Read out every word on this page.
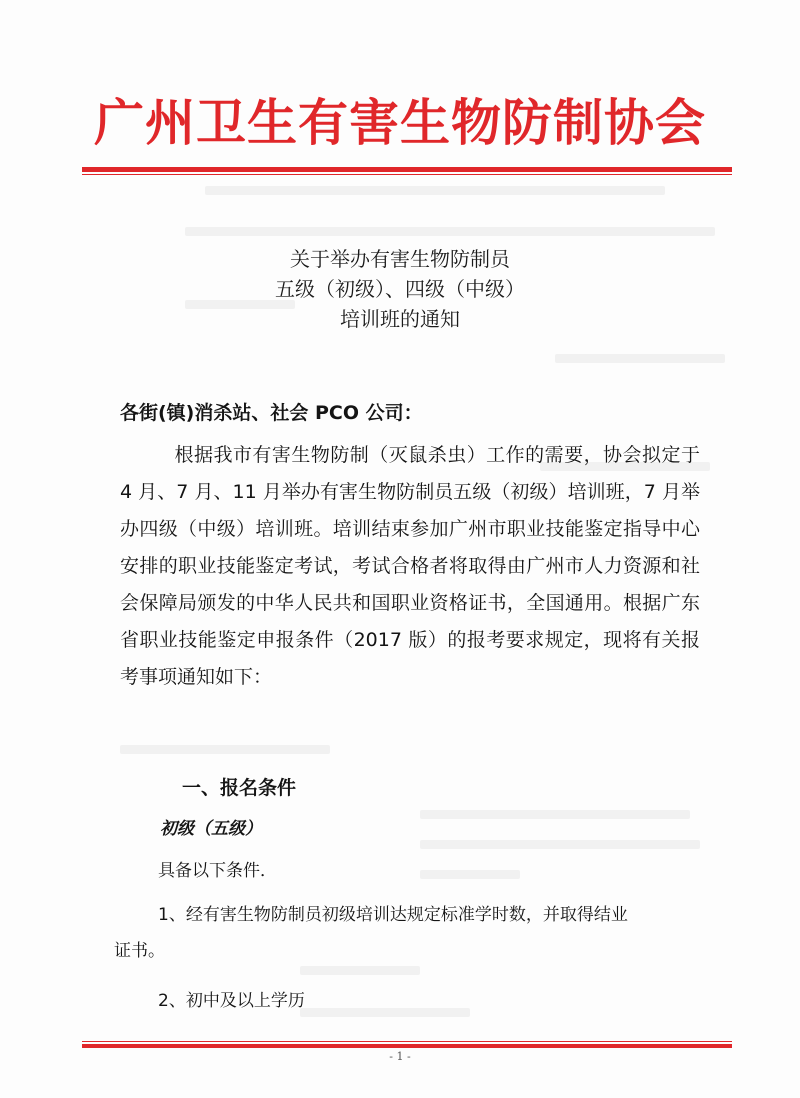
广州卫生有害生物防制协会
关于举办有害生物防制员
五级（初级）、四级（中级）
培训班的通知
各街(镇)消杀站、社会 PCO 公司：
根据我市有害生物防制（灭鼠杀虫）工作的需要，协会拟定于 4 月、7 月、11 月举办有害生物防制员五级（初级）培训班，7 月举办四级（中级）培训班。培训结束参加广州市职业技能鉴定指导中心安排的职业技能鉴定考试，考试合格者将取得由广州市人力资源和社会保障局颁发的中华人民共和国职业资格证书，全国通用。根据广东省职业技能鉴定申报条件（2017 版）的报考要求规定，现将有关报考事项通知如下：
一、报名条件
初级（五级）
具备以下条件．
1、经有害生物防制员初级培训达规定标准学时数，并取得结业
证书。
2、初中及以上学历
- 1 -
